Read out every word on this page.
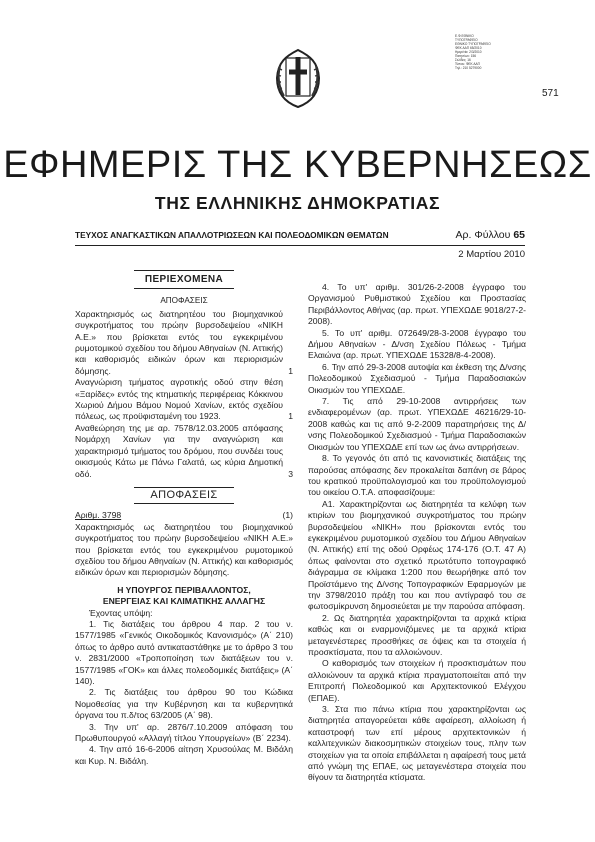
Ε.Φ.ΕΘΝΙΚΟ
ΤΥΠΟΓΡΑΦΕΙΟ
ΕΘΝΙΚΟ ΤΥΠΟΓΡΑΦΕΙΟ
ΦΕΚ ΑΑΠ 65/2010
Ημερ/νία: 2/3/2010
Πατησίων: 156
Σελίδες: 16
Τύπου: ΦΕΚ ΑΑΠ
Τηλ.: 210 5279000
571
ΕΦΗΜΕΡΙΣ ΤΗΣ ΚΥΒΕΡΝΗΣΕΩΣ
ΤΗΣ ΕΛΛΗΝΙΚΗΣ ΔΗΜΟΚΡΑΤΙΑΣ
ΤΕΥΧΟΣ ΑΝΑΓΚΑΣΤΙΚΩΝ ΑΠΑΛΛΟΤΡΙΩΣΕΩΝ ΚΑΙ ΠΟΛΕΟΔΟΜΙΚΩΝ ΘΕΜΑΤΩΝ	Αρ. Φύλλου 65
2 Μαρτίου 2010
ΠΕΡΙΕΧΟΜΕΝΑ
ΑΠΟΦΑΣΕΙΣ

Χαρακτηρισμός ως διατηρητέου του βιομηχανικού συγκροτήματος του πρώην βυρσοδεψείου «ΝΙΚΗ Α.Ε.» που βρίσκεται εντός του εγκεκριμένου ρυμοτομικού σχεδίου του δήμου Αθηναίων (Ν. Αττικής) και καθορισμός ειδικών όρων και περιορισμών δόμησης.	1

Αναγνώριση τμήματος αγροτικής οδού στην θέση «Ξαρίδες» εντός της κτηματικής περιφέρειας Κόκκινου Χωριού Δήμου Βάμου Νομού Χανίων, εκτός σχεδίου πόλεως, ως προϋφισταμένη του 1923.	1

Αναθεώρηση της με αρ. 7578/12.03.2005 απόφασης Νομάρχη Χανίων για την αναγνώριση και χαρακτηρισμό τμήματος του δρόμου, που συνδέει τους οικισμούς Κάτω με Πάνω Γαλατά, ως κύρια Δημοτική οδό.	3

ΑΠΟΦΑΣΕΙΣ
Αριθμ. 3798	(1)

Χαρακτηρισμός ως διατηρητέου του βιομηχανικού συγκροτήματος του πρώην βυρσοδεψείου «ΝΙΚΗ Α.Ε.» που βρίσκεται εντός του εγκεκριμένου ρυμοτομικού σχεδίου του δήμου Αθηναίων (Ν. Αττικής) και καθορισμός ειδικών όρων και περιορισμών δόμησης.

Η ΥΠΟΥΡΓΟΣ ΠΕΡΙΒΑΛΛΟΝΤΟΣ,

ΕΝΕΡΓΕΙΑΣ ΚΑΙ ΚΛΙΜΑΤΙΚΗΣ ΑΛΛΑΓΗΣ

Έχοντας υπόψη:

1. Τις διατάξεις του άρθρου 4 παρ. 2 του ν. 1577/1985 «Γενικός Οικοδομικός Κανονισμός» (Α΄ 210) όπως το άρθρο αυτό αντικαταστάθηκε με το άρθρο 3 του ν. 2831/2000 «Τροποποίηση των διατάξεων του ν. 1577/1985 «ΓΟΚ» και άλλες πολεοδομικές διατάξεις» (Α΄ 140).

2. Τις διατάξεις του άρθρου 90 του Κώδικα Νομοθεσίας για την Κυβέρνηση και τα κυβερνητικά όργανα του π.δ/τος 63/2005 (Α΄ 98).

3. Την υπ' αρ. 2876/7.10.2009 απόφαση του Πρωθυπουργού «Αλλαγή τίτλου Υπουργείων» (Β΄ 2234).

4. Την από 16-6-2006 αίτηση Χρυσούλας Μ. Βιδάλη και Κυρ. Ν. Βιδάλη.

4. Το υπ' αριθμ. 301/26-2-2008 έγγραφο του Οργανισμού Ρυθμιστικού Σχεδίου και Προστασίας Περιβάλλοντος Αθήνας (αρ. πρωτ. ΥΠΕΧΩΔΕ 9018/27-2-2008).

5. Το υπ' αριθμ. 072649/28-3-2008 έγγραφο του Δήμου Αθηναίων - Δ/νση Σχεδίου Πόλεως - Τμήμα Ελαιώνα (αρ. πρωτ. ΥΠΕΧΩΔΕ 15328/8-4-2008).

6. Την από 29-3-2008 αυτοψία και έκθεση της Δ/νσης Πολεοδομικού Σχεδιασμού - Τμήμα Παραδοσιακών Οικισμών του ΥΠΕΧΩΔΕ.

7. Τις από 29-10-2008 αντιρρήσεις των ενδιαφερομένων (αρ. πρωτ. ΥΠΕΧΩΔΕ 46216/29-10-2008 καθώς και τις από 9-2-2009 παρατηρήσεις της Δ/νσης Πολεοδομικού Σχεδιασμού - Τμήμα Παραδοσιακών Οικισμών του ΥΠΕΧΩΔΕ επί των ως άνω αντιρρήσεων.

8. Το γεγονός ότι από τις κανονιστικές διατάξεις της παρούσας απόφασης δεν προκαλείται δαπάνη σε βάρος του κρατικού προϋπολογισμού και του προϋπολογισμού του οικείου Ο.Τ.Α. αποφασίζουμε:

Α1. Χαρακτηρίζονται ως διατηρητέα τα κελύφη των κτιρίων του βιομηχανικού συγκροτήματος του πρώην βυρσοδεψείου «ΝΙΚΗ» που βρίσκονται εντός του εγκεκριμένου ρυμοτομικού σχεδίου του Δήμου Αθηναίων (Ν. Αττικής) επί της οδού Ορφέως 174-176 (Ο.Τ. 47 Α) όπως φαίνονται στο σχετικό πρωτότυπο τοπογραφικό διάγραμμα σε κλίμακα 1:200 που θεωρήθηκε από τον Προϊστάμενο της Δ/νσης Τοπογραφικών Εφαρμογών με την 3798/2010 πράξη του και που αντίγραφό του σε φωτοσμίκρυνση δημοσιεύεται με την παρούσα απόφαση.

2. Ως διατηρητέα χαρακτηρίζονται τα αρχικά κτίρια καθώς και οι εναρμονιζόμενες με τα αρχικά κτίρια μεταγενέστερες προσθήκες σε όψεις και τα στοιχεία ή προσκτίσματα, που τα αλλοιώνουν.

Ο καθορισμός των στοιχείων ή προσκτισμάτων που αλλοιώνουν τα αρχικά κτίρια πραγματοποιείται από την Επιτροπή Πολεοδομικού και Αρχιτεκτονικού Ελέγχου (ΕΠΑΕ).

3. Στα πιο πάνω κτίρια που χαρακτηρίζονται ως διατηρητέα απαγορεύεται κάθε αφαίρεση, αλλοίωση ή καταστροφή των επί μέρους αρχιτεκτονικών ή καλλιτεχνικών διακοσμητικών στοιχείων τους, πλην των στοιχείων για τα οποία επιβάλλεται η αφαίρεσή τους μετά από γνώμη της ΕΠΑΕ, ως μεταγενέστερα στοιχεία που θίγουν τα διατηρητέα κτίσματα.
